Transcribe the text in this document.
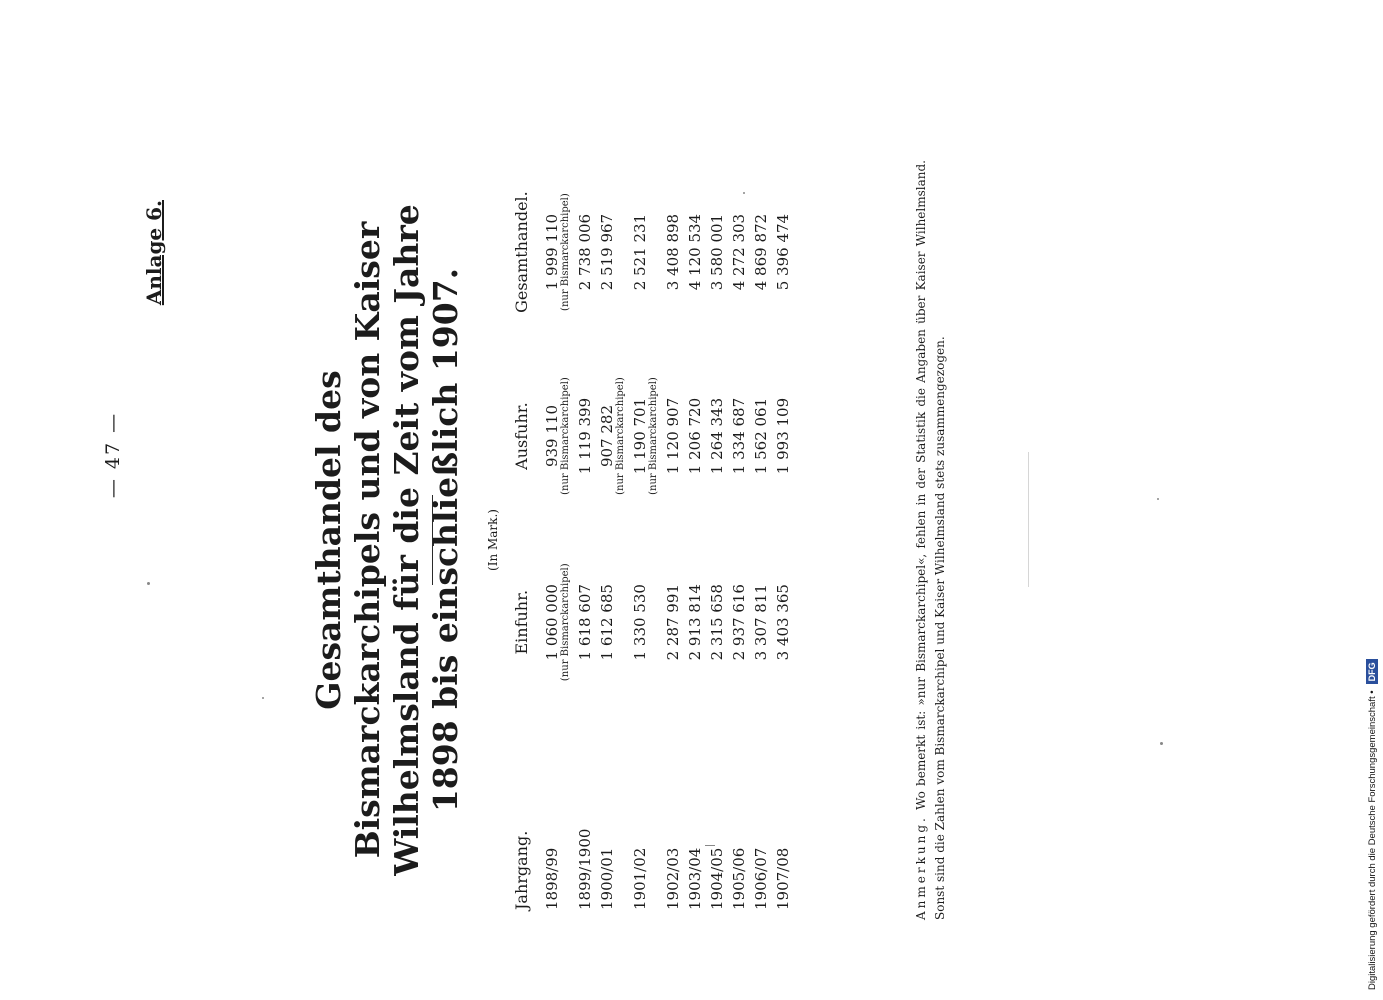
— 47 —
Anlage 6.
Gesamthandel des Bismarckarchipels und von Kaiser Wilhelmsland für die Zeit vom Jahre 1898 bis einschließlich 1907. (In Mark.)
Jahrgang.	Einfuhr.	Ausfuhr.	Gesamthandel.

1898/99	1 060 000 (nur Bismarckarchipel)	939 110 (nur Bismarckarchipel)	1 999 110 (nur Bismarckarchipel)

1899/1900	1 618 607	1 119 399	2 738 006

1900/01	1 612 685	907 282 (nur Bismarckarchipel)	2 519 967

1901/02	1 330 530	1 190 701 (nur Bismarckarchipel)	2 521 231

1902/03	2 287 991	1 120 907	3 408 898

1903/04	2 913 814	1 206 720	4 120 534

1904/05	2 315 658	1 264 343	3 580 001

1905/06	2 937 616	1 334 687	4 272 303

1906/07	3 307 811	1 562 061	4 869 872

1907/08	3 403 365	1 993 109	5 396 474
Anmerkung. Wo bemerkt ist: »nur Bismarckarchipel«, fehlen in der Statistik die Angaben über Kaiser Wilhelmsland. Sonst sind die Zahlen vom Bismarckarchipel und Kaiser Wilhelmsland stets zusammengezogen.	Digitalisierung gefördert durch die Deutsche Forschungsgemeinschaft •
DFG
